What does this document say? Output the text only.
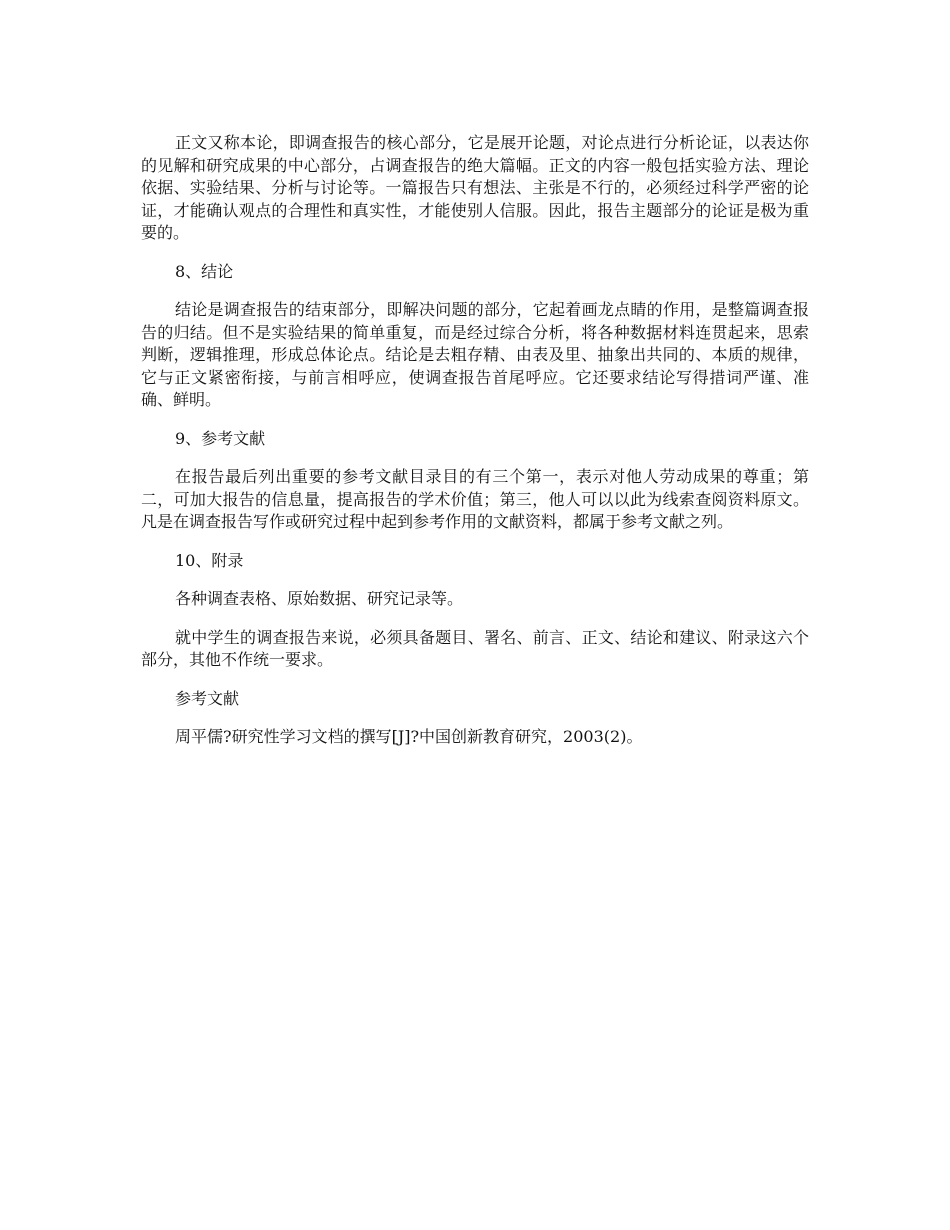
正文又称本论，即调查报告的核心部分，它是展开论题，对论点进行分析论证，以表达你的见解和研究成果的中心部分，占调查报告的绝大篇幅。正文的内容一般包括实验方法、理论依据、实验结果、分析与讨论等。一篇报告只有想法、主张是不行的，必须经过科学严密的论证，才能确认观点的合理性和真实性，才能使别人信服。因此，报告主题部分的论证是极为重要的。

8、结论

结论是调查报告的结束部分，即解决问题的部分，它起着画龙点睛的作用，是整篇调查报告的归结。但不是实验结果的简单重复，而是经过综合分析，将各种数据材料连贯起来，思索判断，逻辑推理，形成总体论点。结论是去粗存精、由表及里、抽象出共同的、本质的规律，它与正文紧密衔接，与前言相呼应，使调查报告首尾呼应。它还要求结论写得措词严谨、准确、鲜明。

9、参考文献

在报告最后列出重要的参考文献目录目的有三个第一，表示对他人劳动成果的尊重；第二，可加大报告的信息量，提高报告的学术价值；第三，他人可以以此为线索查阅资料原文。凡是在调查报告写作或研究过程中起到参考作用的文献资料，都属于参考文献之列。

10、附录

各种调查表格、原始数据、研究记录等。

就中学生的调查报告来说，必须具备题目、署名、前言、正文、结论和建议、附录这六个部分，其他不作统一要求。

参考文献

周平儒?研究性学习文档的撰写[J]?中国创新教育研究，2003(2)。
